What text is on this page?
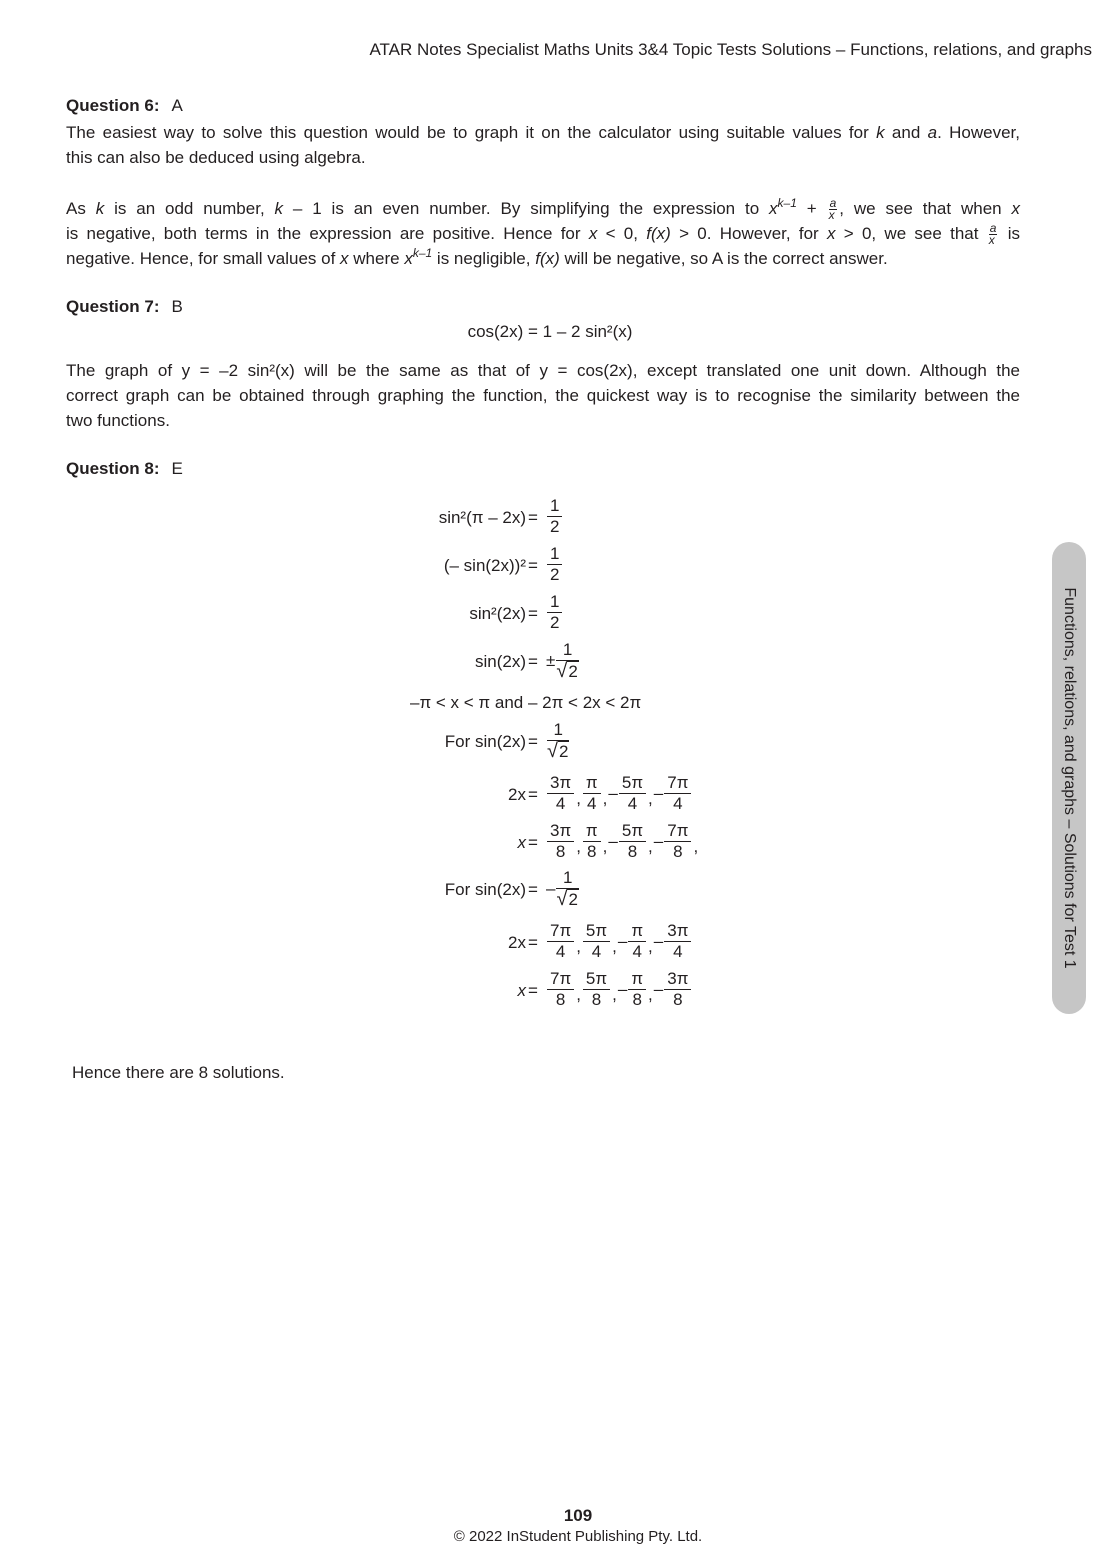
ATAR Notes Specialist Maths Units 3&4 Topic Tests Solutions – Functions, relations, and graphs
Question 6: A
The easiest way to solve this question would be to graph it on the calculator using suitable values for k and a. However,
this can also be deduced using algebra.
As k is an odd number, k – 1 is an even number. By simplifying the expression to $x^{k-1} + \frac{a}{x}$ , we see that when x
is negative, both terms in the expression are positive. Hence for x < 0, f(x) > 0. However, for x > 0, we see that $\frac{a}{x}$ is
negative. Hence, for small values of x where $x^{k-1}$ is negligible, f(x) will be negative, so A is the correct answer.
Question 7: B
cos(2x) = 1 – 2 sin²(x)
The graph of y = –2 sin²(x) will be the same as that of y = cos(2x), except translated one unit down. Although the
correct graph can be obtained through graphing the function, the quickest way is to recognise the similarity between the
two functions.
Question 8: E
$\sin^2(\pi - 2x) = \frac{1}{2}$
(– $\sin(2x))^2 = \frac{1}{2}$
$\sin^2(2x) = \frac{1}{2}$
sin(2x) = ± $\frac{1}{√2}$
–π < x < π and – 2π < 2x < 2π
For $\sin(2x) = \frac{1}{√2}$
$2x = \frac{3\pi}{4}$ , $\frac{\pi}{4}$ ,– $\frac{5\pi}{4}$ ,– $\frac{7\pi}{4}$
$x = \frac{3\pi}{8}$ , $\frac{\pi}{8}$ ,– $\frac{5\pi}{8}$ ,– $\frac{7\pi}{8}$ ,
For sin(2x) = – $\frac{1}{√2}$
$2x = \frac{7\pi}{4}$ , $\frac{5\pi}{4}$ ,– $\frac{\pi}{4}$ ,– $\frac{3\pi}{4}$
$x = \frac{7\pi}{8}$ , $\frac{5\pi}{8}$ ,– $\frac{\pi}{8}$ ,– $\frac{3\pi}{8}$
Hence there are 8 solutions.
Functions, relations, and graphs – Solutions for Test 1
109
© 2022 InStudent Publishing Pty. Ltd.
